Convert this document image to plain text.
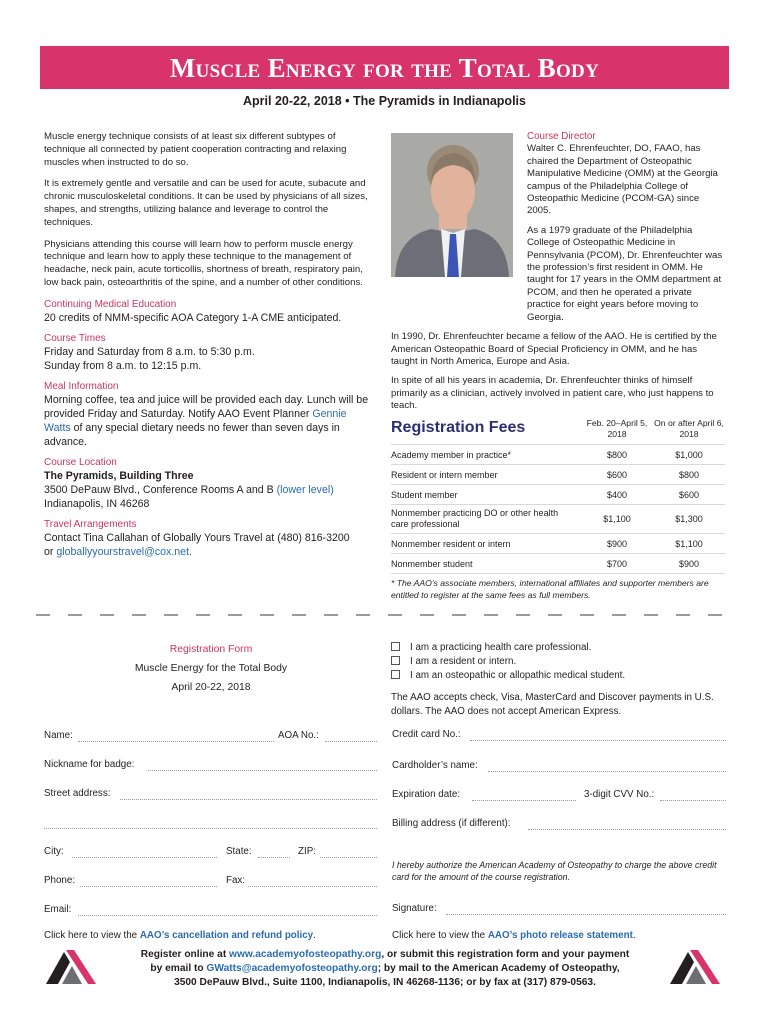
Muscle Energy for the Total Body
April 20-22, 2018 • The Pyramids in Indianapolis

Muscle energy technique consists of at least six different subtypes of technique all connected by patient cooperation contracting and relaxing muscles when instructed to do so.

It is extremely gentle and versatile and can be used for acute, subacute and chronic musculoskeletal conditions. It can be used by physicians of all sizes, shapes, and strengths, utilizing balance and leverage to control the techniques.

Physicians attending this course will learn how to perform muscle energy technique and learn how to apply these technique to the management of headache, neck pain, acute torticollis, shortness of breath, respiratory pain, low back pain, osteoarthritis of the spine, and a number of other conditions.

Continuing Medical Education
20 credits of NMM-specific AOA Category 1-A CME anticipated.
Course Times
Friday and Saturday from 8 a.m. to 5:30 p.m.
Sunday from 8 a.m. to 12:15 p.m.
Meal Information
Morning coffee, tea and juice will be provided each day. Lunch will be provided Friday and Saturday. Notify AAO Event Planner Gennie Watts of any special dietary needs no fewer than seven days in advance.
Course Location
The Pyramids, Building Three
3500 DePauw Blvd., Conference Rooms A and B (lower level)
Indianapolis, IN 46268
Travel Arrangements
Contact Tina Callahan of Globally Yours Travel at (480) 816-3200
or globallyyourstravel@cox.net.
Course Director
Walter C. Ehrenfeuchter, DO, FAAO, has chaired the Department of Osteopathic Manipulative Medicine (OMM) at the Georgia campus of the Philadelphia College of Osteopathic Medicine (PCOM-GA) since 2005.
As a 1979 graduate of the Philadelphia College of Osteopathic Medicine in Pennsylvania (PCOM), Dr. Ehrenfeuchter was the profession’s first resident in OMM. He taught for 17 years in the OMM department at PCOM, and then he operated a private practice for eight years before moving to Georgia.
In 1990, Dr. Ehrenfeuchter became a fellow of the AAO. He is certified by the American Osteopathic Board of Special Proficiency in OMM, and he has taught in North America, Europe and Asia.
In spite of all his years in academia, Dr. Ehrenfeuchter thinks of himself primarily as a clinician, actively involved in patient care, who just happens to teach.
Registration Fees	Feb. 20–April 5, 2018	On or after April 6, 2018
Academy member in practice*	$800	$1,000
Resident or intern member	$600	$800
Student member	$400	$600
Nonmember practicing DO or other health care professional	$1,100	$1,300
Nonmember resident or intern	$900	$1,100
Nonmember student	$700	$900
* The AAO’s associate members, international affiliates and supporter members are entitled to register at the same fees as full members.
Registration Form
Muscle Energy for the Total Body
April 20-22, 2018
Name:	AOA No.:
Nickname for badge:
Street address:
City:	State:	ZIP:
Phone:	Fax:
Email:
Click here to view the AAO’s cancellation and refund policy.
I am a practicing health care professional.
I am a resident or intern.
I am an osteopathic or allopathic medical student.
The AAO accepts check, Visa, MasterCard and Discover payments in U.S. dollars. The AAO does not accept American Express.
Credit card No.:
Cardholder’s name:
Expiration date:	3-digit CVV No.:
Billing address (if different):
I hereby authorize the American Academy of Osteopathy to charge the above credit card for the amount of the course registration.
Signature:
Click here to view the AAO’s photo release statement.
Register online at www.academyofosteopathy.org, or submit this registration form and your payment
by email to GWatts@academyofosteopathy.org; by mail to the American Academy of Osteopathy,
3500 DePauw Blvd., Suite 1100, Indianapolis, IN 46268-1136; or by fax at (317) 879-0563.
